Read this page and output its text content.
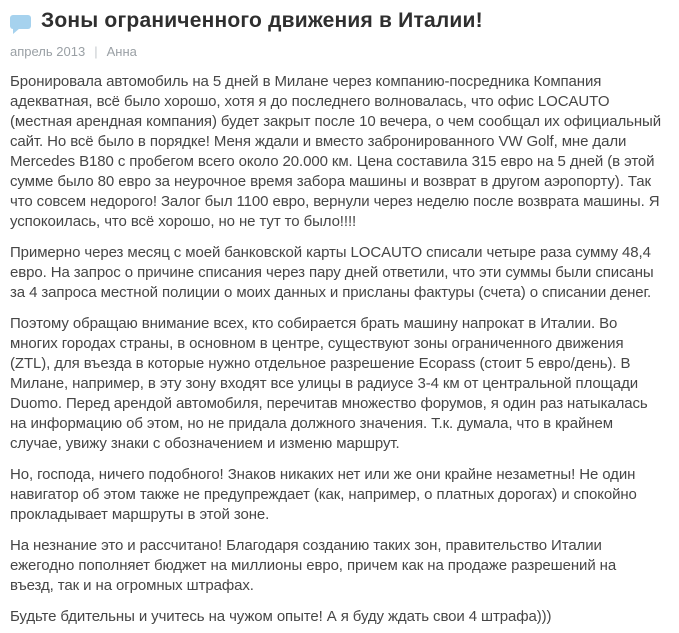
Зоны ограниченного движения в Италии!
апрель 2013 | Анна

Бронировала автомобиль на 5 дней в Милане через компанию-посредника Компания адекватная, всё было хорошо, хотя я до последнего волновалась, что офис LOCAUTO (местная арендная компания) будет закрыт после 10 вечера, о чем сообщал их официальный сайт. Но всё было в порядке! Меня ждали и вместо забронированного VW Golf, мне дали Mercedes B180 с пробегом всего около 20.000 км. Цена составила 315 евро на 5 дней (в этой сумме было 80 евро за неурочное время забора машины и возврат в другом аэропорту). Так что совсем недорого! Залог был 1100 евро, вернули через неделю после возврата машины. Я успокоилась, что всё хорошо, но не тут то было!!!!

Примерно через месяц с моей банковской карты LOCAUTO списали четыре раза сумму 48,4 евро. На запрос о причине списания через пару дней ответили, что эти суммы были списаны за 4 запроса местной полиции о моих данных и присланы фактуры (счета) о списании денег.

Поэтому обращаю внимание всех, кто собирается брать машину напрокат в Италии. Во многих городах страны, в основном в центре, существуют зоны ограниченного движения (ZTL), для въезда в которые нужно отдельное разрешение Ecopass (стоит 5 евро/день). В Милане, например, в эту зону входят все улицы в радиусе 3-4 км от центральной площади Duomo. Перед арендой автомобиля, перечитав множество форумов, я один раз натыкалась на информацию об этом, но не придала должного значения. Т.к. думала, что в крайнем случае, увижу знаки с обозначением и изменю маршрут.

Но, господа, ничего подобного! Знаков никаких нет или же они крайне незаметны! Не один навигатор об этом также не предупреждает (как, например, о платных дорогах) и спокойно прокладывает маршруты в этой зоне.

На незнание это и рассчитано! Благодаря созданию таких зон, правительство Италии ежегодно пополняет бюджет на миллионы евро, причем как на продаже разрешений на въезд, так и на огромных штрафах.

Будьте бдительны и учитесь на чужом опыте! А я буду ждать свои 4 штрафа)))
